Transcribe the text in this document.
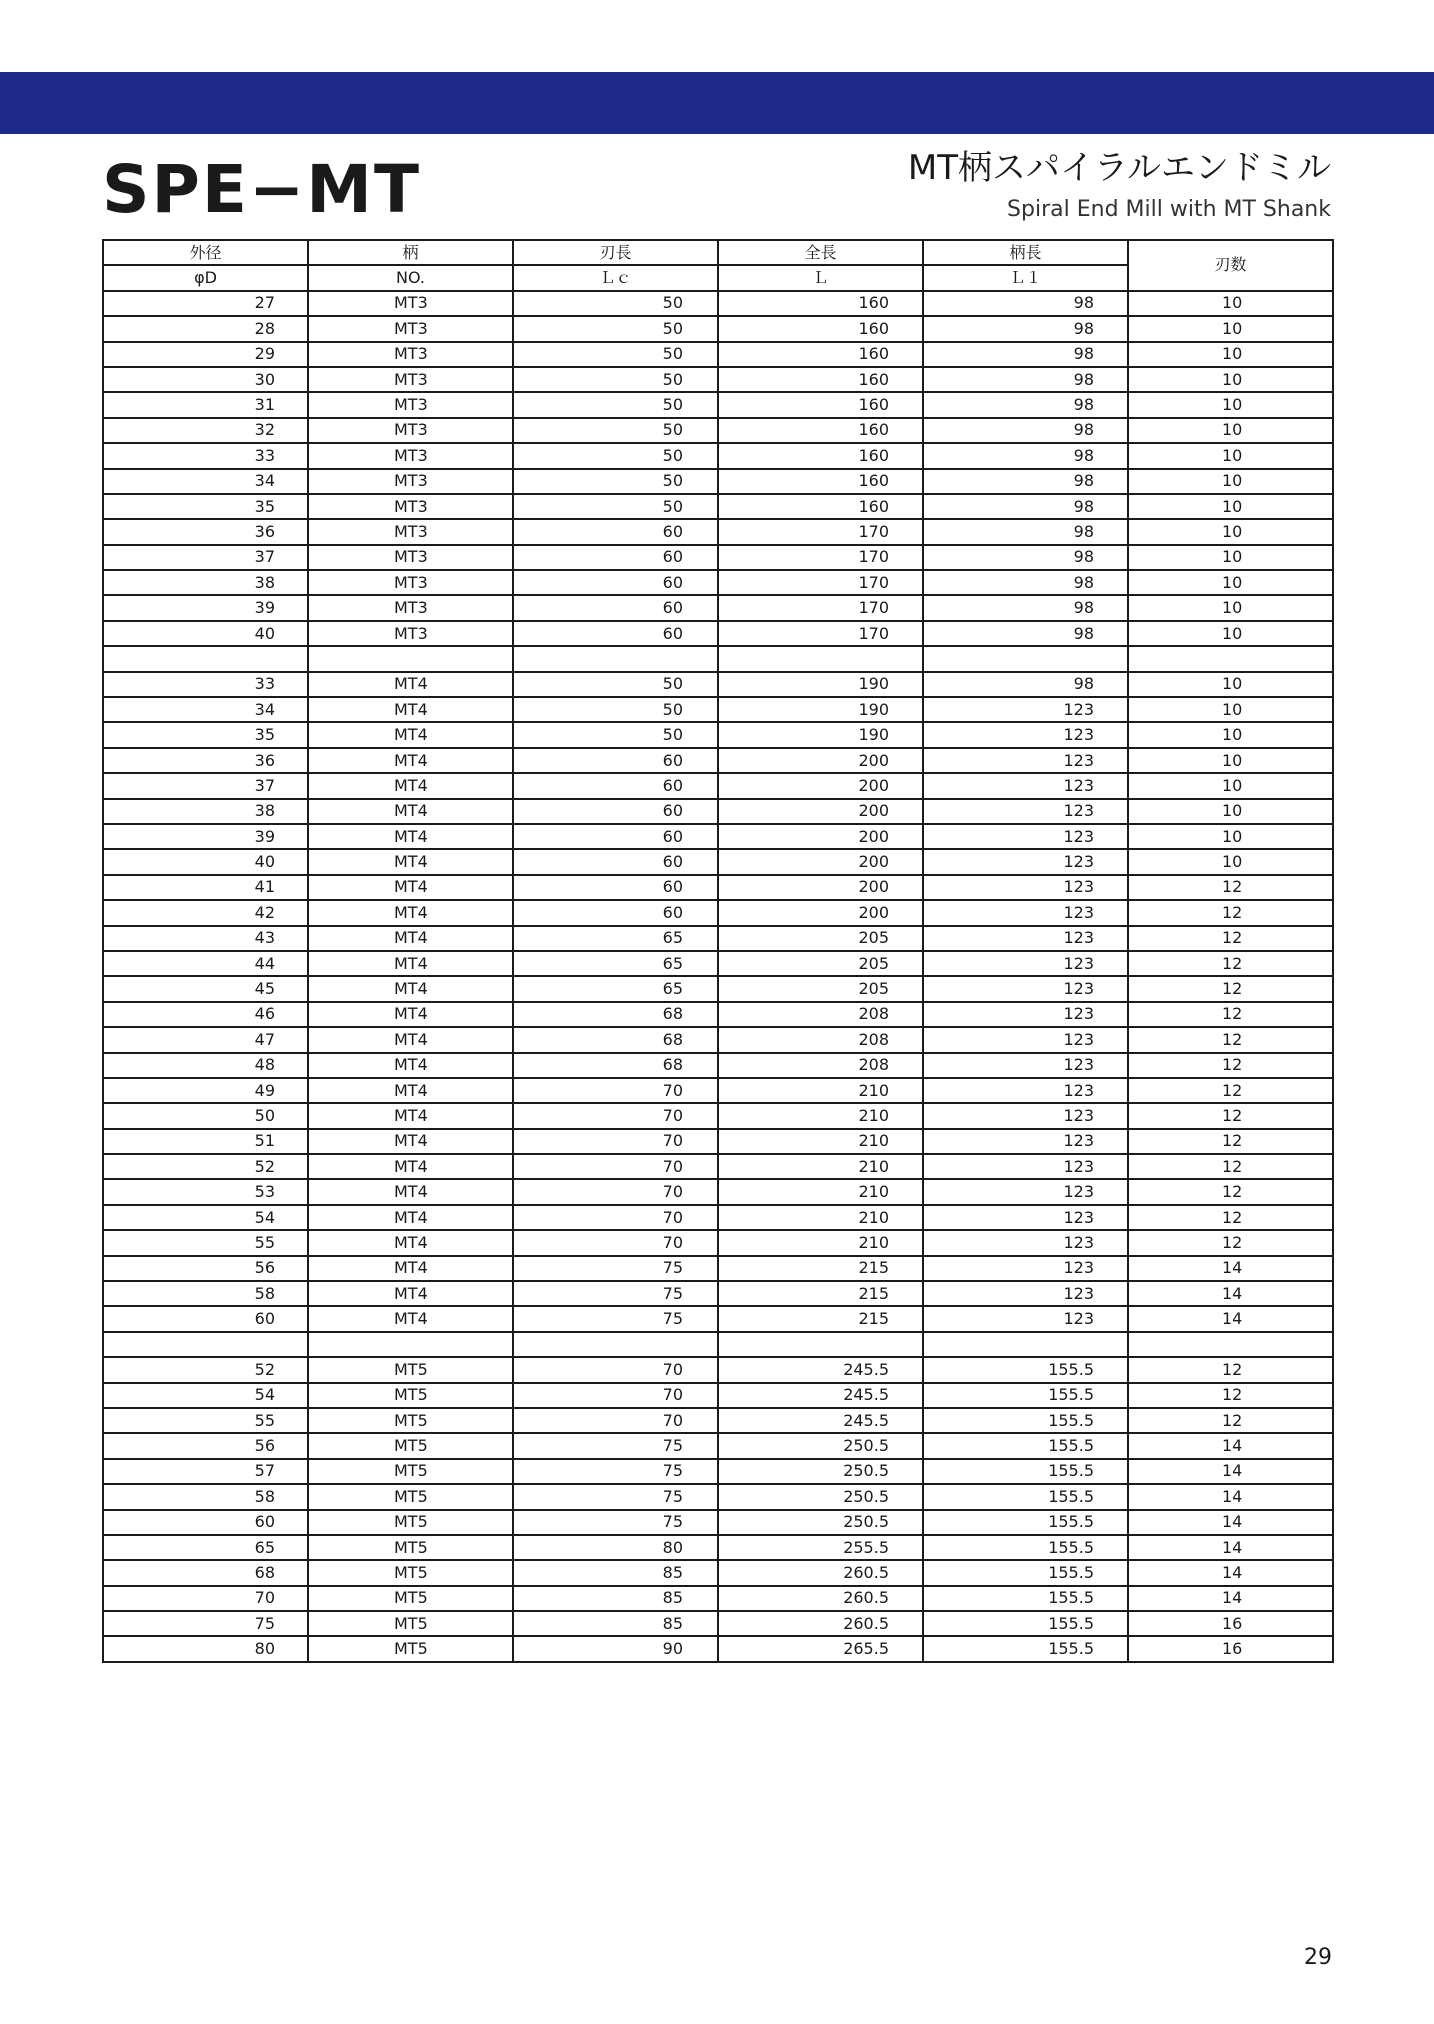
SPE−MT	MT柄スパイラルエンドミル
Spiral End Mill with MT Shank
外径	柄	刃長	全長	柄長	刃数
φD	NO.	Ｌｃ	Ｌ	Ｌ１	
27	MT3	50	160	98	10
28	MT3	50	160	98	10
29	MT3	50	160	98	10
30	MT3	50	160	98	10
31	MT3	50	160	98	10
32	MT3	50	160	98	10
33	MT3	50	160	98	10
34	MT3	50	160	98	10
35	MT3	50	160	98	10
36	MT3	60	170	98	10
37	MT3	60	170	98	10
38	MT3	60	170	98	10
39	MT3	60	170	98	10
40	MT3	60	170	98	10

33	MT4	50	190	98	10
34	MT4	50	190	123	10
35	MT4	50	190	123	10
36	MT4	60	200	123	10
37	MT4	60	200	123	10
38	MT4	60	200	123	10
39	MT4	60	200	123	10
40	MT4	60	200	123	10
41	MT4	60	200	123	12
42	MT4	60	200	123	12
43	MT4	65	205	123	12
44	MT4	65	205	123	12
45	MT4	65	205	123	12
46	MT4	68	208	123	12
47	MT4	68	208	123	12
48	MT4	68	208	123	12
49	MT4	70	210	123	12
50	MT4	70	210	123	12
51	MT4	70	210	123	12
52	MT4	70	210	123	12
53	MT4	70	210	123	12
54	MT4	70	210	123	12
55	MT4	70	210	123	12
56	MT4	75	215	123	14
58	MT4	75	215	123	14
60	MT4	75	215	123	14

52	MT5	70	245.5	155.5	12
54	MT5	70	245.5	155.5	12
55	MT5	70	245.5	155.5	12
56	MT5	75	250.5	155.5	14
57	MT5	75	250.5	155.5	14
58	MT5	75	250.5	155.5	14
60	MT5	75	250.5	155.5	14
65	MT5	80	255.5	155.5	14
68	MT5	85	260.5	155.5	14
70	MT5	85	260.5	155.5	14
75	MT5	85	260.5	155.5	16
80	MT5	90	265.5	155.5	16
29
